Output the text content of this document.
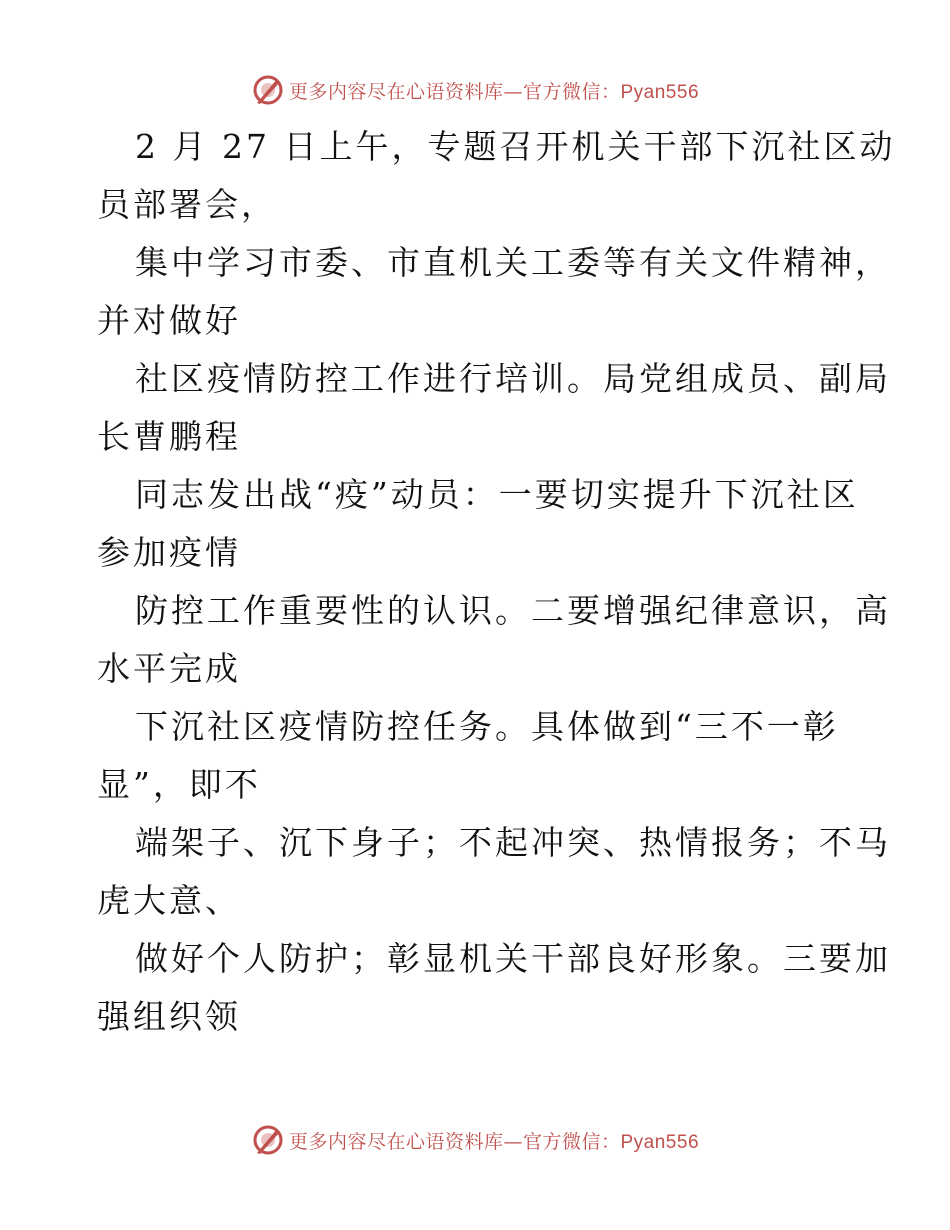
更多内容尽在心语资料库—官方微信：Pyan556
2 月 27 日上午，专题召开机关干部下沉社区动
员部署会，
集中学习市委、市直机关工委等有关文件精神，
并对做好
社区疫情防控工作进行培训。局党组成员、副局
长曹鹏程
同志发出战“疫”动员：一要切实提升下沉社区
参加疫情
防控工作重要性的认识。二要增强纪律意识，高
水平完成
下沉社区疫情防控任务。具体做到“三不一彰
显”，即不
端架子、沉下身子；不起冲突、热情报务；不马
虎大意、
做好个人防护；彰显机关干部良好形象。三要加
强组织领
更多内容尽在心语资料库—官方微信：Pyan556
